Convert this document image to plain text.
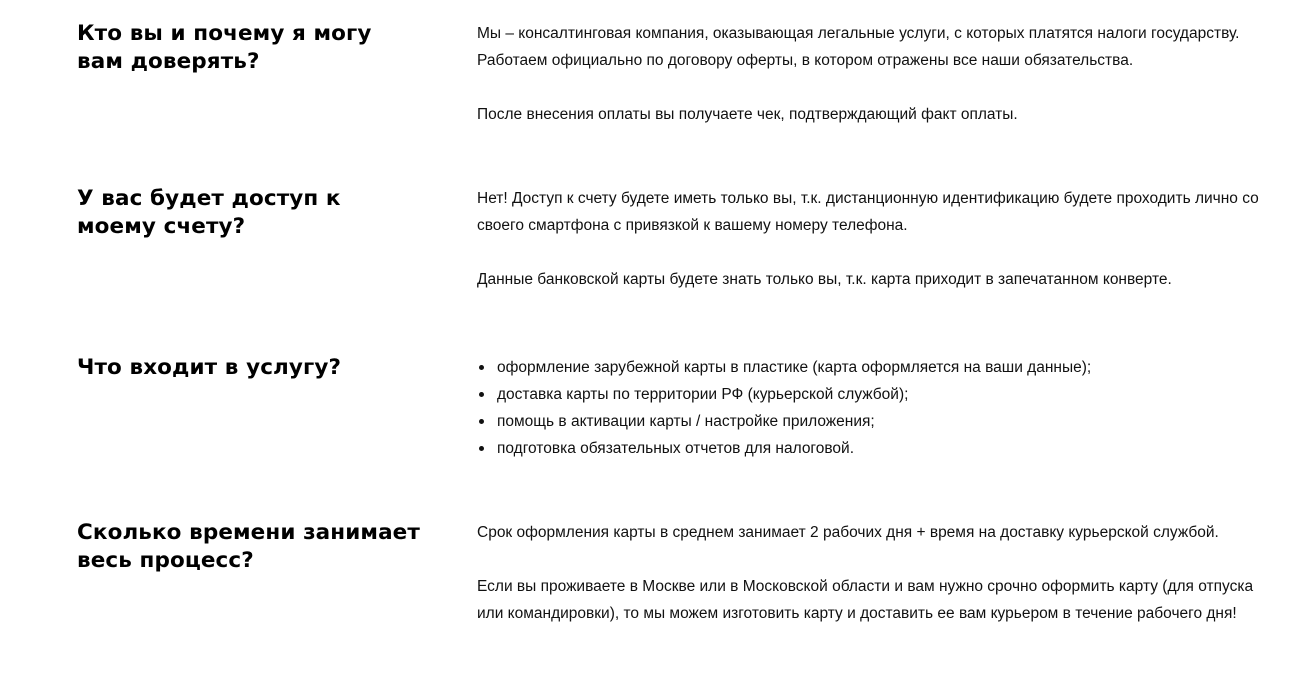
Кто вы и почему я могу вам доверять?

Мы – консалтинговая компания, оказывающая легальные услуги, с которых платятся налоги государству. Работаем официально по договору оферты, в котором отражены все наши обязательства.

После внесения оплаты вы получаете чек, подтверждающий факт оплаты.

У вас будет доступ к моему счету?

Нет! Доступ к счету будете иметь только вы, т.к. дистанционную идентификацию будете проходить лично со своего смартфона с привязкой к вашему номеру телефона.

Данные банковской карты будете знать только вы, т.к. карта приходит в запечатанном конверте.

Что входит в услугу?	оформление зарубежной карты в пластике (карта оформляется на ваши данные);
доставка карты по территории РФ (курьерской службой);
помощь в активации карты / настройке приложения;
подготовка обязательных отчетов для налоговой.
Сколько времени занимает весь процесс?

Срок оформления карты в среднем занимает 2 рабочих дня + время на доставку курьерской службой.

Если вы проживаете в Москве или в Московской области и вам нужно срочно оформить карту (для отпуска или командировки), то мы можем изготовить карту и доставить ее вам курьером в течение рабочего дня!
